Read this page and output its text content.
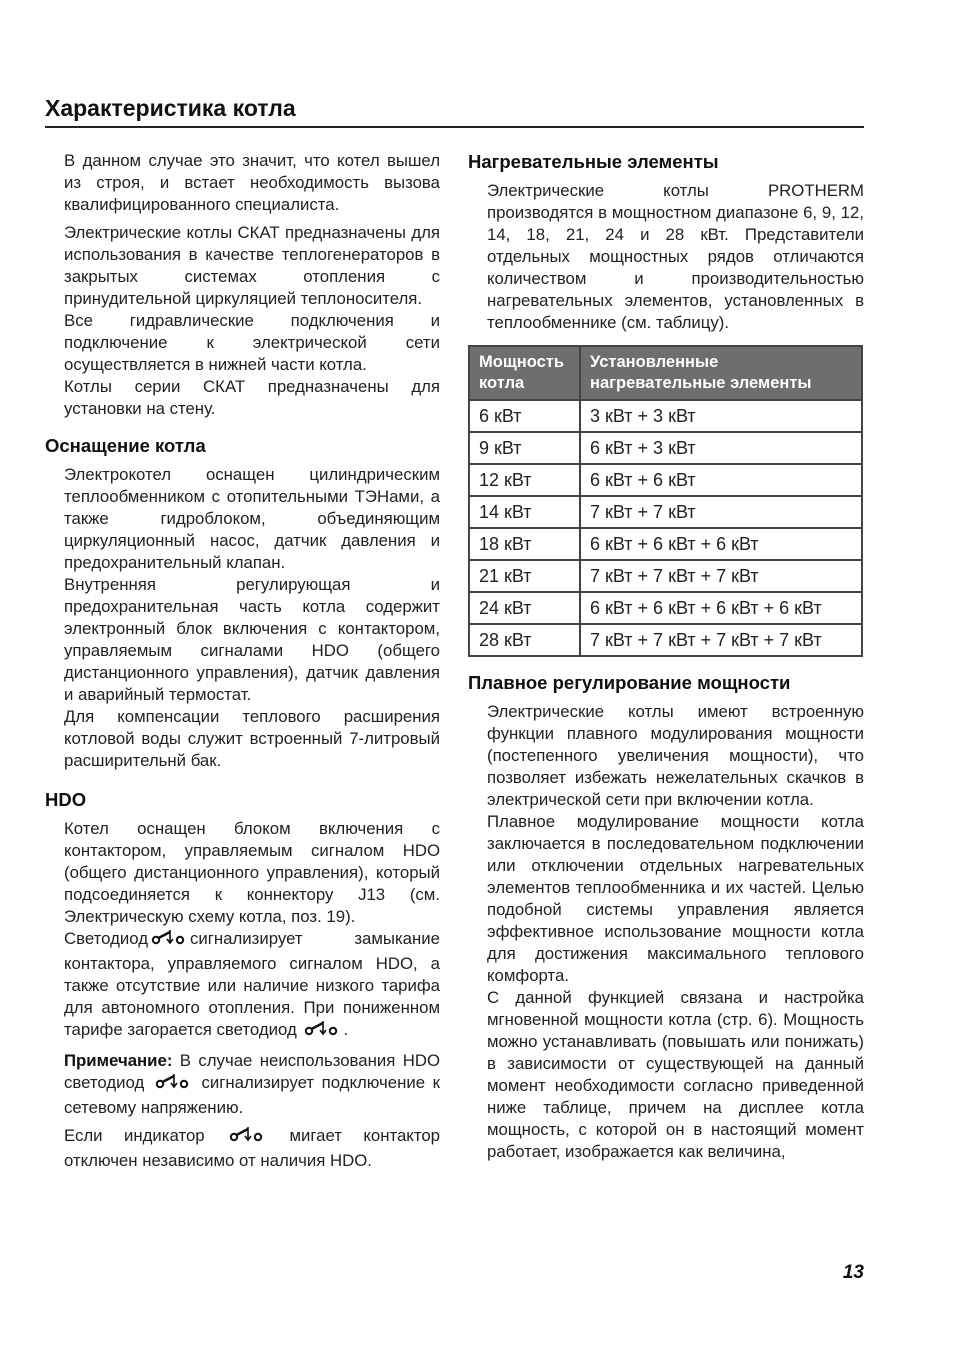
Характеристика котла

В данном случае это значит, что котел вышел из строя, и встает необходимость вызова квалифицированного специалиста.

Электрические котлы СКАТ предназначены для использования в качестве теплогенераторов в закрытых системах отопления с принудительной циркуляцией теплоносителя.

Все гидравлические подключения и подключение к электрической сети осуществляется в нижней части котла.

Котлы серии СКАТ предназначены для установки на стену.

Оснащение котла

Электрокотел оснащен цилиндрическим теплообменником с отопительными ТЭНами, а также гидроблоком, объединяющим циркуляционный насос, датчик давления и предохранительный клапан.

Внутренняя регулирующая и предохранительная часть котла содержит электронный блок включения с контактором, управляемым сигналами HDO (общего дистанционного управления), датчик давления и аварийный термостат.

Для компенсации теплового расширения котловой воды служит встроенный 7-литровый расширительнй бак.

HDO

Котел оснащен блоком включения с контактором, управляемым сигналом HDO (общего дистанционного управления), который подсоединяется к коннектору J13 (см. Электрическую схему котла, поз. 19).

Светодиод	сигнализирует замыкание контактора, управляемого сигналом HDO, а также отсутствие или наличие низкого тарифа для автономного отопления. При пониженном тарифе загорается светодиод	.

Примечание: В случае неиспользования HDO светодиод	сигнализирует подключение к сетевому напряжению.

Если индикатор	мигает контактор отключен независимо от наличия HDO.

Нагревательные элементы

Электрические котлы PROTHERM производятся в мощностном диапазоне 6, 9, 12, 14, 18, 21, 24 и 28 кВт. Представители отдельных мощностных рядов отличаются количеством и производительностью нагревательных элементов, установленных в теплообменнике (см. таблицу).

Мощность котла	Установленные нагревательные элементы
6 кВт	3 кВт + 3 кВт
9 кВт	6 кВт + 3 кВт
12 кВт	6 кВт + 6 кВт
14 кВт	7 кВт + 7 кВт
18 кВт	6 кВт + 6 кВт + 6 кВт
21 кВт	7 кВт + 7 кВт + 7 кВт
24 кВт	6 кВт + 6 кВт + 6 кВт + 6 кВт
28 кВт	7 кВт + 7 кВт + 7 кВт + 7 кВт
Плавное регулирование мощности

Электрические котлы имеют встроенную функции плавного модулирования мощности (постепенного увеличения мощности), что позволяет избежать нежелательных скачков в электрической сети при включении котла.

Плавное модулирование мощности котла заключается в последовательном подключении или отключении отдельных нагревательных элементов теплообменника и их частей. Целью подобной системы управления является эффективное использование мощности котла для достижения максимального теплового комфорта.

С данной функцией связана и настройка мгновенной мощности котла (стр. 6). Мощность можно устанавливать (повышать или понижать) в зависимости от существующей на данный момент необходимости согласно приведенной ниже таблице, причем на дисплее котла мощность, с которой он в настоящий момент работает, изображается как величина,

13
